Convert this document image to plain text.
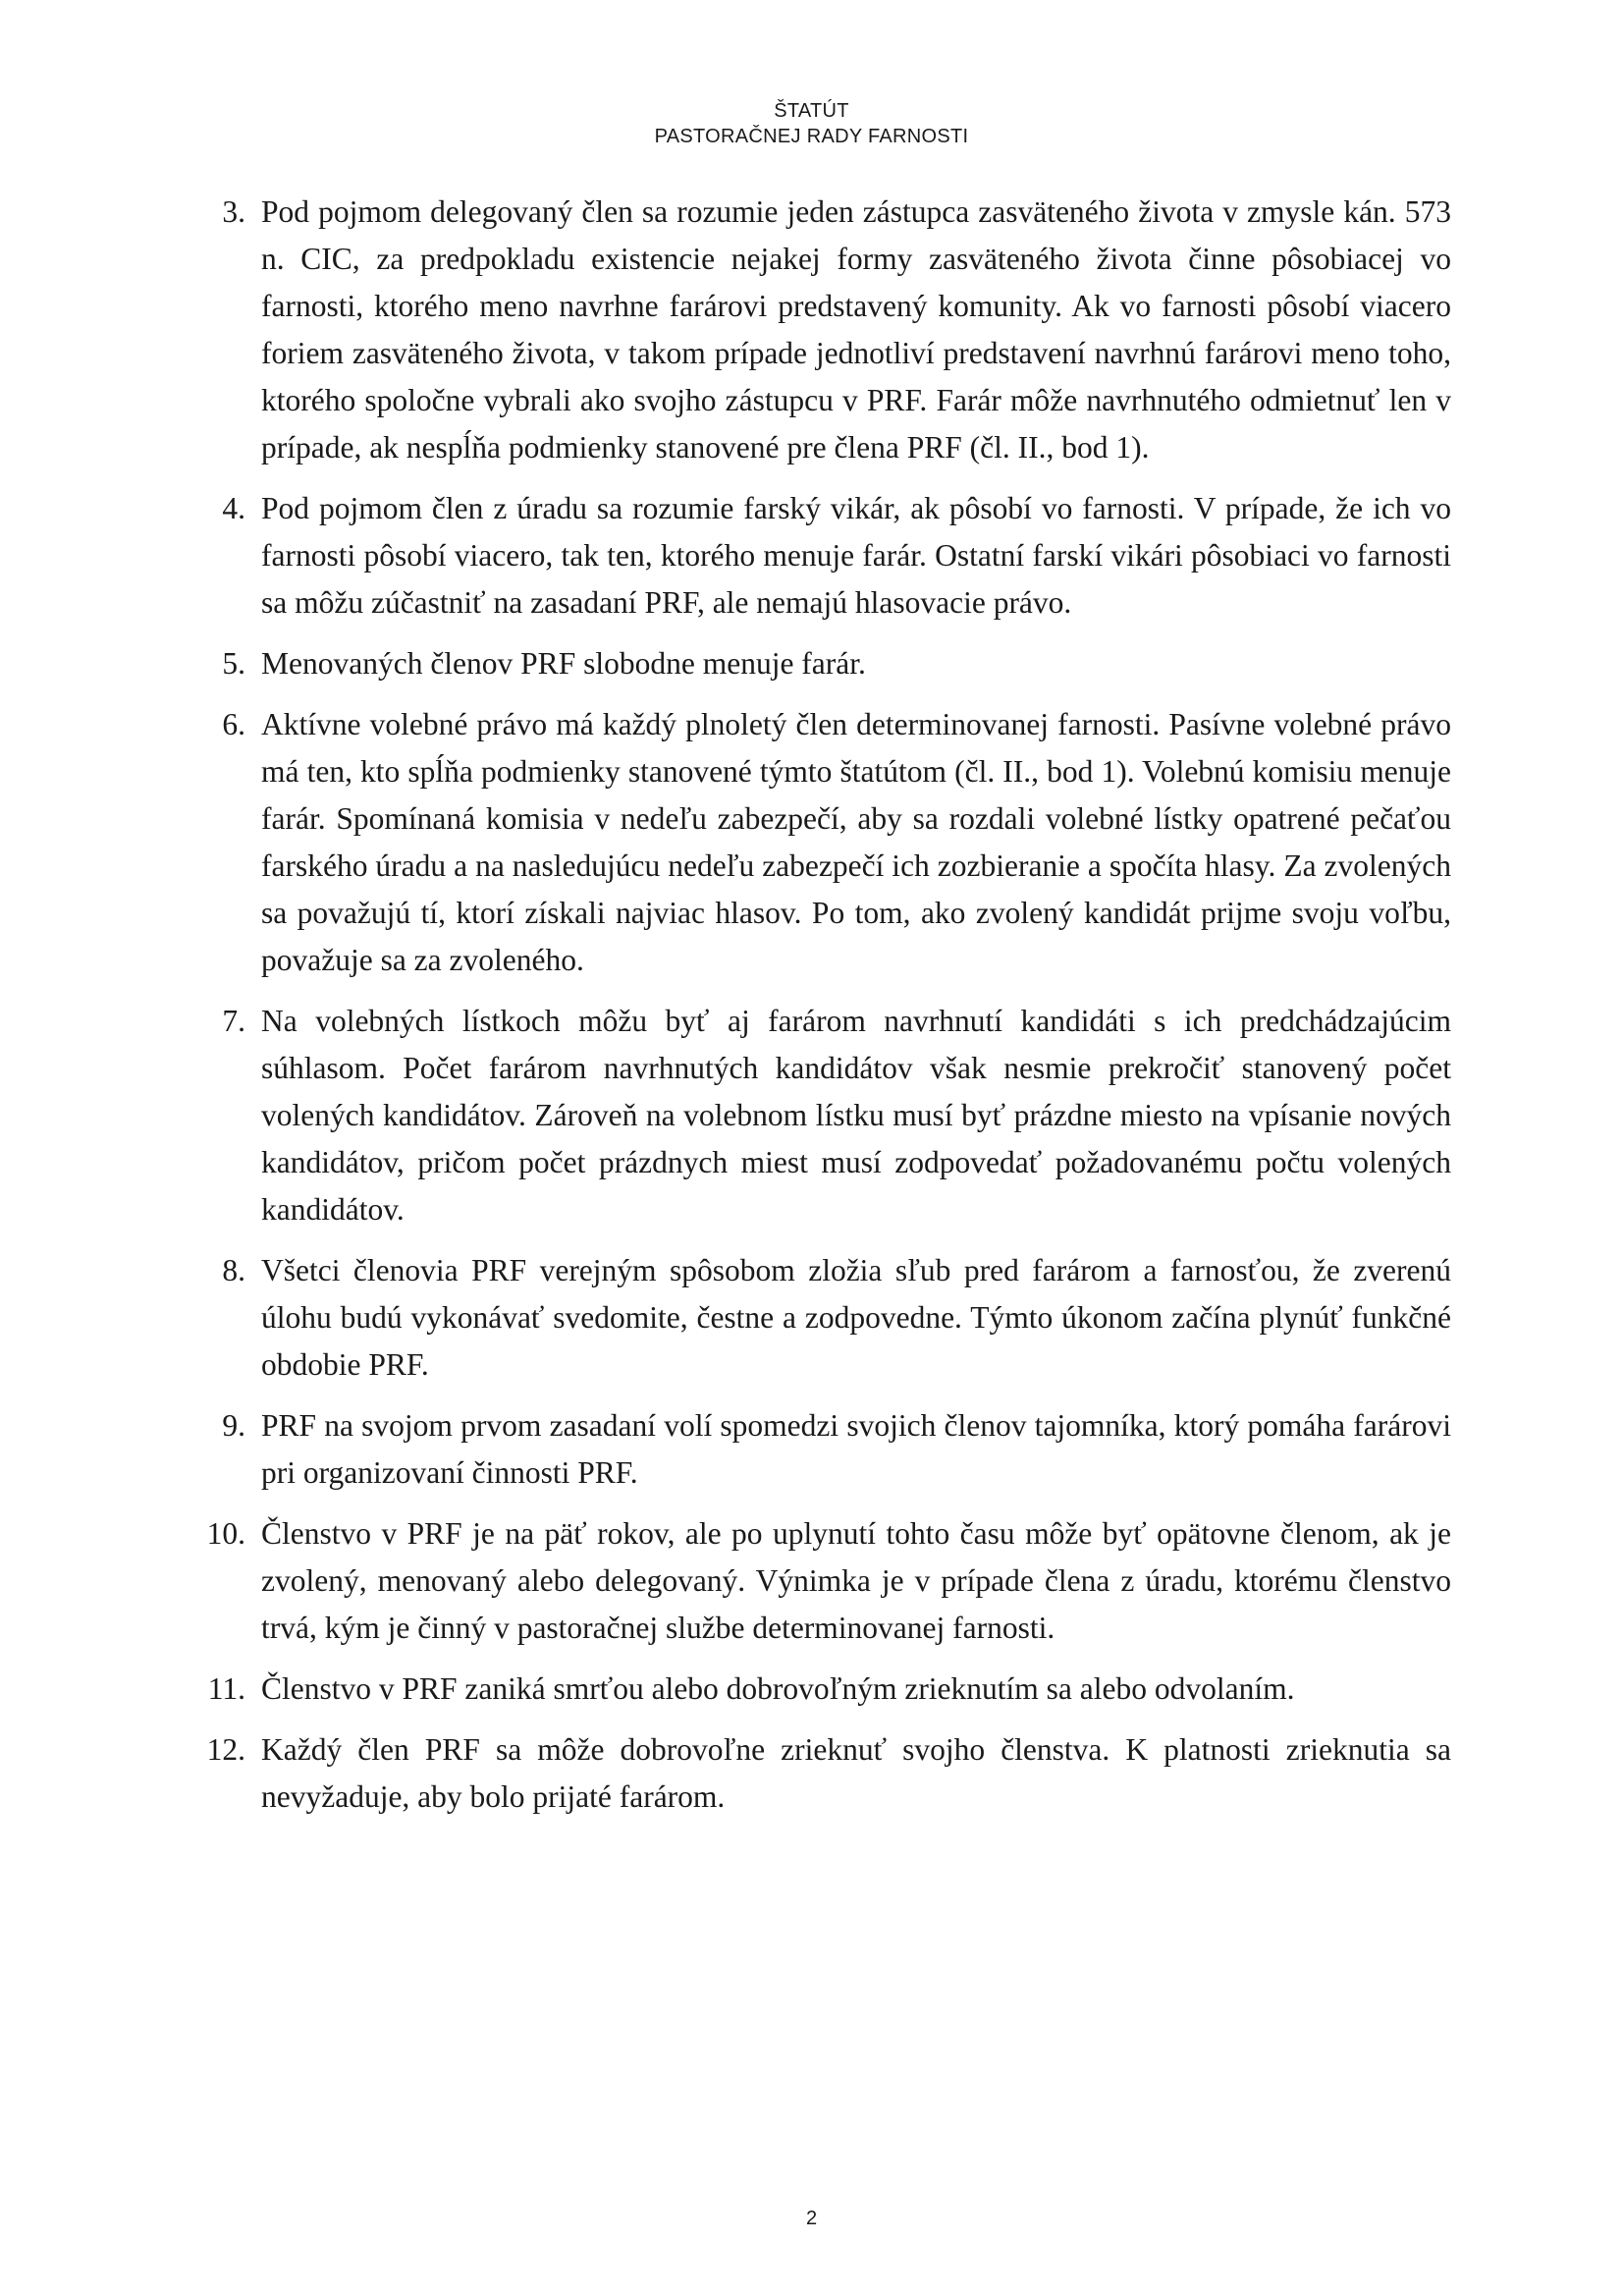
ŠTATÚT
PASTORAČNEJ RADY FARNOSTI
3. Pod pojmom delegovaný člen sa rozumie jeden zástupca zasväteného života v zmysle kán. 573 n. CIC, za predpokladu existencie nejakej formy zasväteného života činne pôsobiacej vo farnosti, ktorého meno navrhne farárovi predstavený komunity. Ak vo farnosti pôsobí viacero foriem zasväteného života, v takom prípade jednotliví predstavení navrhnú farárovi meno toho, ktorého spoločne vybrali ako svojho zástupcu v PRF. Farár môže navrhnutého odmietnuť len v prípade, ak nespĺňa podmienky stanovené pre člena PRF (čl. II., bod 1).
4. Pod pojmom člen z úradu sa rozumie farský vikár, ak pôsobí vo farnosti. V prípade, že ich vo farnosti pôsobí viacero, tak ten, ktorého menuje farár. Ostatní farskí vikári pôsobiaci vo farnosti sa môžu zúčastniť na zasadaní PRF, ale nemajú hlasovacie právo.
5. Menovaných členov PRF slobodne menuje farár.
6. Aktívne volebné právo má každý plnoletý člen determinovanej farnosti. Pasívne volebné právo má ten, kto spĺňa podmienky stanovené týmto štatútom (čl. II., bod 1). Volebnú komisiu menuje farár. Spomínaná komisia v nedeľu zabezpečí, aby sa rozdali volebné lístky opatrené pečaťou farského úradu a na nasledujúcu nedeľu zabezpečí ich zozbieranie a spočíta hlasy. Za zvolených sa považujú tí, ktorí získali najviac hlasov. Po tom, ako zvolený kandidát prijme svoju voľbu, považuje sa za zvoleného.
7. Na volebných lístkoch môžu byť aj farárom navrhnutí kandidáti s ich predchádzajúcim súhlasom. Počet farárom navrhnutých kandidátov však nesmie prekročiť stanovený počet volených kandidátov. Zároveň na volebnom lístku musí byť prázdne miesto na vpísanie nových kandidátov, pričom počet prázdnych miest musí zodpovedať požadovanému počtu volených kandidátov.
8. Všetci členovia PRF verejným spôsobom zložia sľub pred farárom a farnosťou, že zverenú úlohu budú vykonávať svedomite, čestne a zodpovedne. Týmto úkonom začína plynúť funkčné obdobie PRF.
9. PRF na svojom prvom zasadaní volí spomedzi svojich členov tajomníka, ktorý pomáha farárovi pri organizovaní činnosti PRF.
10. Členstvo v PRF je na päť rokov, ale po uplynutí tohto času môže byť opätovne členom, ak je zvolený, menovaný alebo delegovaný. Výnimka je v prípade člena z úradu, ktorému členstvo trvá, kým je činný v pastoračnej službe determinovanej farnosti.
11. Členstvo v PRF zaniká smrťou alebo dobrovoľným zrieknutím sa alebo odvolaním.
12. Každý člen PRF sa môže dobrovoľne zrieknuť svojho členstva. K platnosti zrieknutia sa nevyžaduje, aby bolo prijaté farárom.
2
